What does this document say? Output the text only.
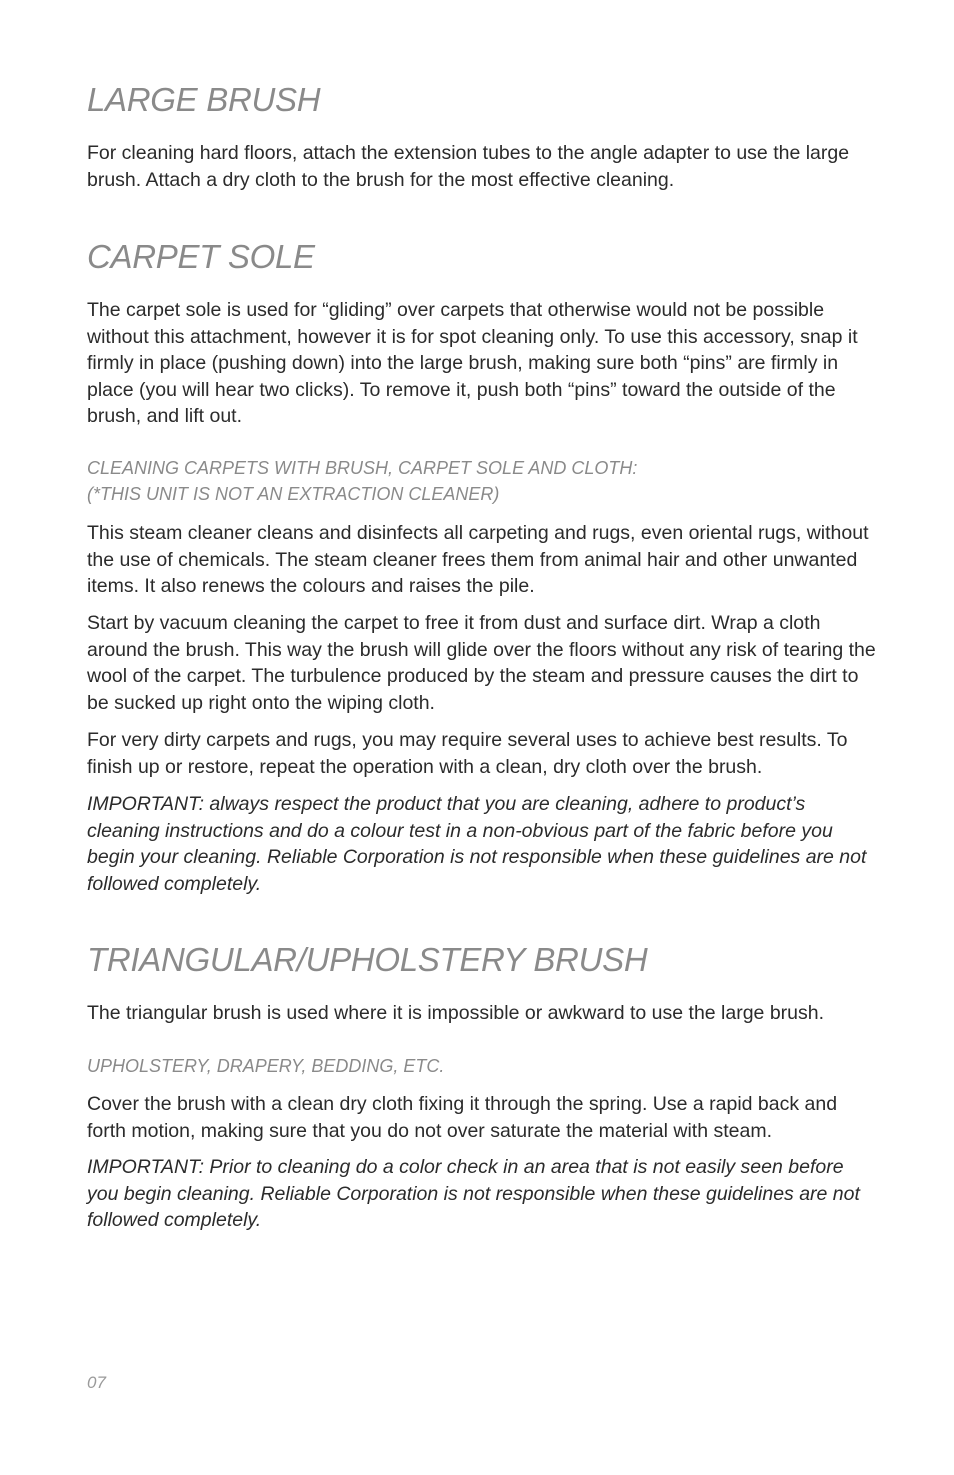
LARGE BRUSH

For cleaning hard floors, attach the extension tubes to the angle adapter to use the large brush. Attach a dry cloth to the brush for the most effective cleaning.

CARPET SOLE

The carpet sole is used for “gliding” over carpets that otherwise would not be possible without this attachment, however it is for spot cleaning only. To use this accessory, snap it firmly in place (pushing down) into the large brush, making sure both “pins” are firmly in place (you will hear two clicks). To remove it, push both “pins” toward the outside of the brush, and lift out.

CLEANING CARPETS WITH BRUSH, CARPET SOLE AND CLOTH:

(*THIS UNIT IS NOT AN EXTRACTION CLEANER)

This steam cleaner cleans and disinfects all carpeting and rugs, even oriental rugs, without the use of chemicals. The steam cleaner frees them from animal hair and other unwanted items. It also renews the colours and raises the pile.

Start by vacuum cleaning the carpet to free it from dust and surface dirt. Wrap a cloth around the brush. This way the brush will glide over the floors without any risk of tearing the wool of the carpet. The turbulence produced by the steam and pressure causes the dirt to be sucked up right onto the wiping cloth.

For very dirty carpets and rugs, you may require several uses to achieve best results. To finish up or restore, repeat the operation with a clean, dry cloth over the brush.

IMPORTANT: always respect the product that you are cleaning, adhere to product’s cleaning instructions and do a colour test in a non-obvious part of the fabric before you begin your cleaning. Reliable Corporation is not responsible when these guidelines are not followed completely.

TRIANGULAR/UPHOLSTERY BRUSH

The triangular brush is used where it is impossible or awkward to use the large brush.

UPHOLSTERY, DRAPERY, BEDDING, ETC.

Cover the brush with a clean dry cloth fixing it through the spring. Use a rapid back and forth motion, making sure that you do not over saturate the material with steam.

IMPORTANT: Prior to cleaning do a color check in an area that is not easily seen before you begin cleaning. Reliable Corporation is not responsible when these guidelines are not followed completely.

07
